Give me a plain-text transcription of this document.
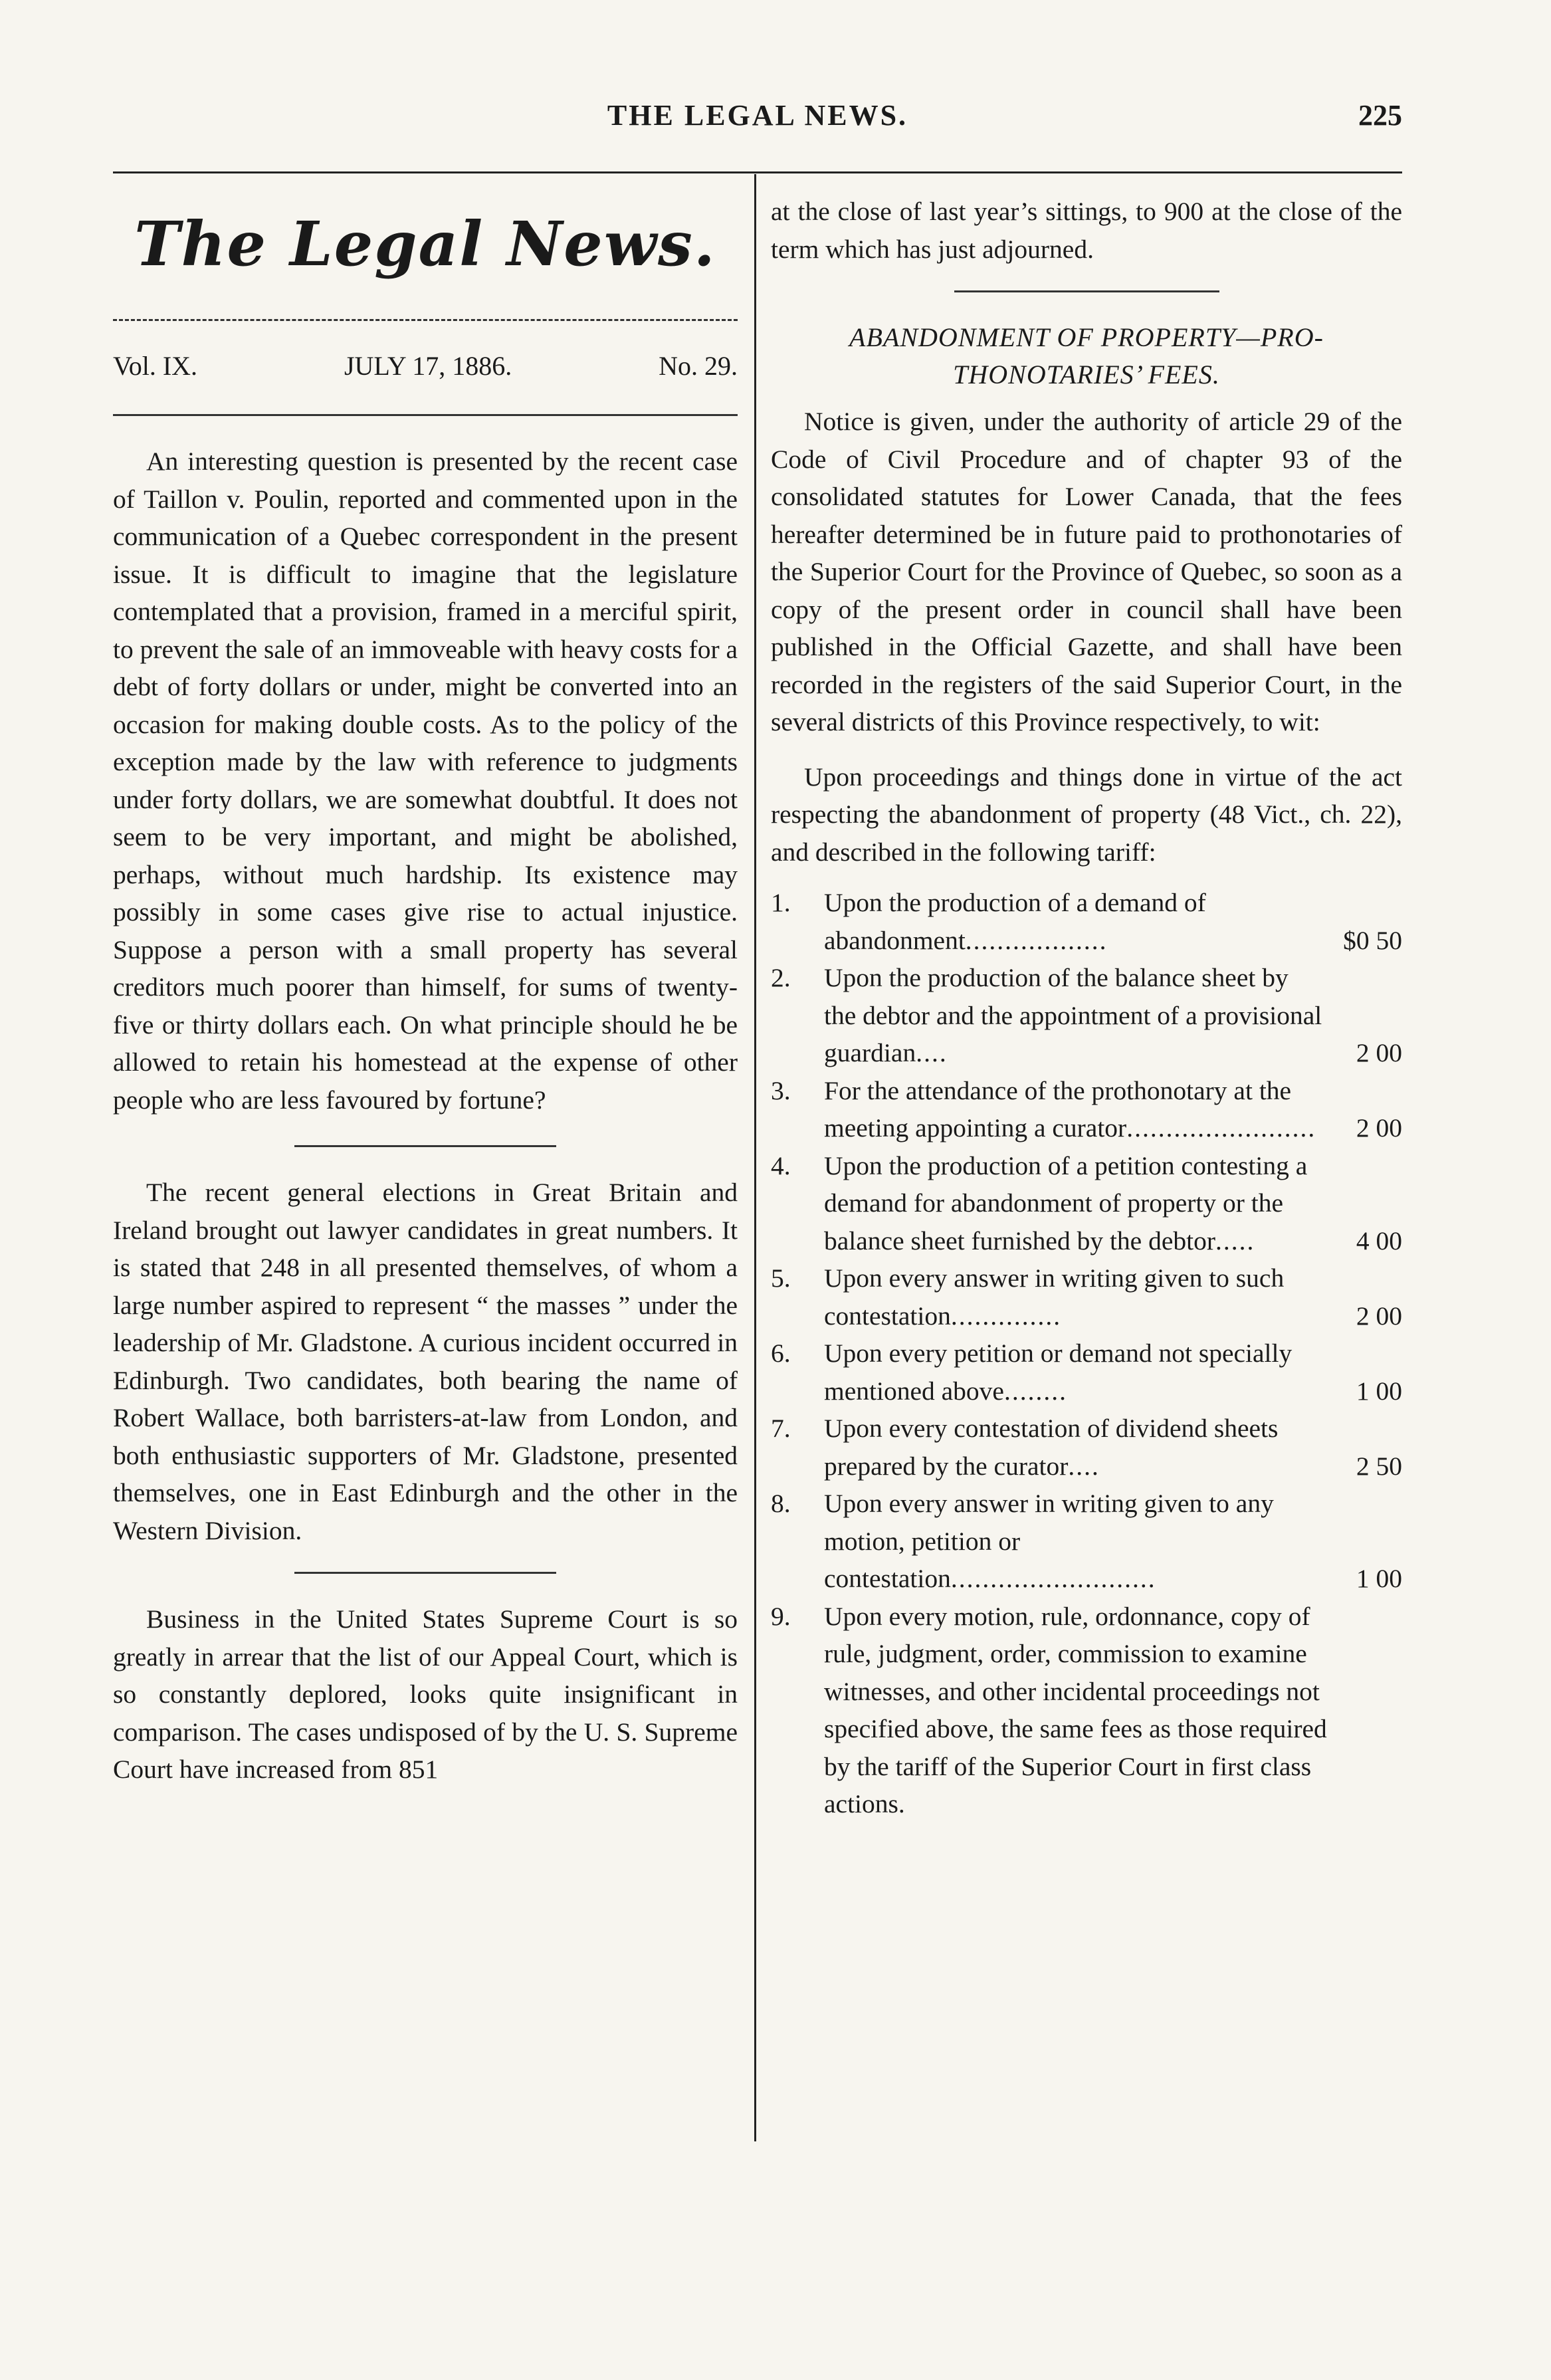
THE LEGAL NEWS.	225
The Legal News.
Vol. IX.	JULY 17, 1886.	No. 29.

An interesting question is presented by the recent case of Taillon v. Poulin, reported and commented upon in the communication of a Quebec correspondent in the present issue. It is difficult to imagine that the legislature contemplated that a provision, framed in a merciful spirit, to prevent the sale of an immoveable with heavy costs for a debt of forty dollars or under, might be converted into an occasion for making double costs. As to the policy of the exception made by the law with reference to judgments under forty dollars, we are somewhat doubtful. It does not seem to be very important, and might be abolished, perhaps, without much hardship. Its existence may possibly in some cases give rise to actual injustice. Suppose a person with a small property has several creditors much poorer than himself, for sums of twenty-five or thirty dollars each. On what principle should he be allowed to retain his homestead at the expense of other people who are less favoured by fortune?

The recent general elections in Great Britain and Ireland brought out lawyer candidates in great numbers. It is stated that 248 in all presented themselves, of whom a large number aspired to represent “ the masses ” under the leadership of Mr. Gladstone. A curious incident occurred in Edinburgh. Two candidates, both bearing the name of Robert Wallace, both barristers-at-law from London, and both enthusiastic supporters of Mr. Gladstone, presented themselves, one in East Edinburgh and the other in the Western Division.

Business in the United States Supreme Court is so greatly in arrear that the list of our Appeal Court, which is so constantly deplored, looks quite insignificant in comparison. The cases undisposed of by the U. S. Supreme Court have increased from 851

at the close of last year’s sittings, to 900 at the close of the term which has just adjourned.

ABANDONMENT OF PROPERTY—PRO-
THONOTARIES’ FEES.

Notice is given, under the authority of article 29 of the Code of Civil Procedure and of chapter 93 of the consolidated statutes for Lower Canada, that the fees hereafter determined be in future paid to prothonotaries of the Superior Court for the Province of Quebec, so soon as a copy of the present order in council shall have been published in the Official Gazette, and shall have been recorded in the registers of the said Superior Court, in the several districts of this Province respectively, to wit:

Upon proceedings and things done in virtue of the act respecting the abandonment of property (48 Vict., ch. 22), and described in the following tariff:

1. Upon the production of a demand of abandonment..................	$0 50
2. Upon the production of the balance sheet by the debtor and the appointment of a provisional guardian....	2 00
3. For the attendance of the prothonotary at the meeting appointing a curator........................ 2 00
4. Upon the production of a petition contesting a demand for abandonment of property or the balance sheet furnished by the debtor.....	4 00
5. Upon every answer in writing given to such contestation..............	2 00
6. Upon every petition or demand not specially mentioned above........	1 00
7. Upon every contestation of dividend sheets prepared by the curator....	2 50
8. Upon every answer in writing given to any motion, petition or contestation..........................	1 00
9. Upon every motion, rule, ordonnance, copy of rule, judgment, order, commission to examine witnesses, and other incidental proceedings not specified above, the same fees as those required by the tariff of the Superior Court in first class actions.
